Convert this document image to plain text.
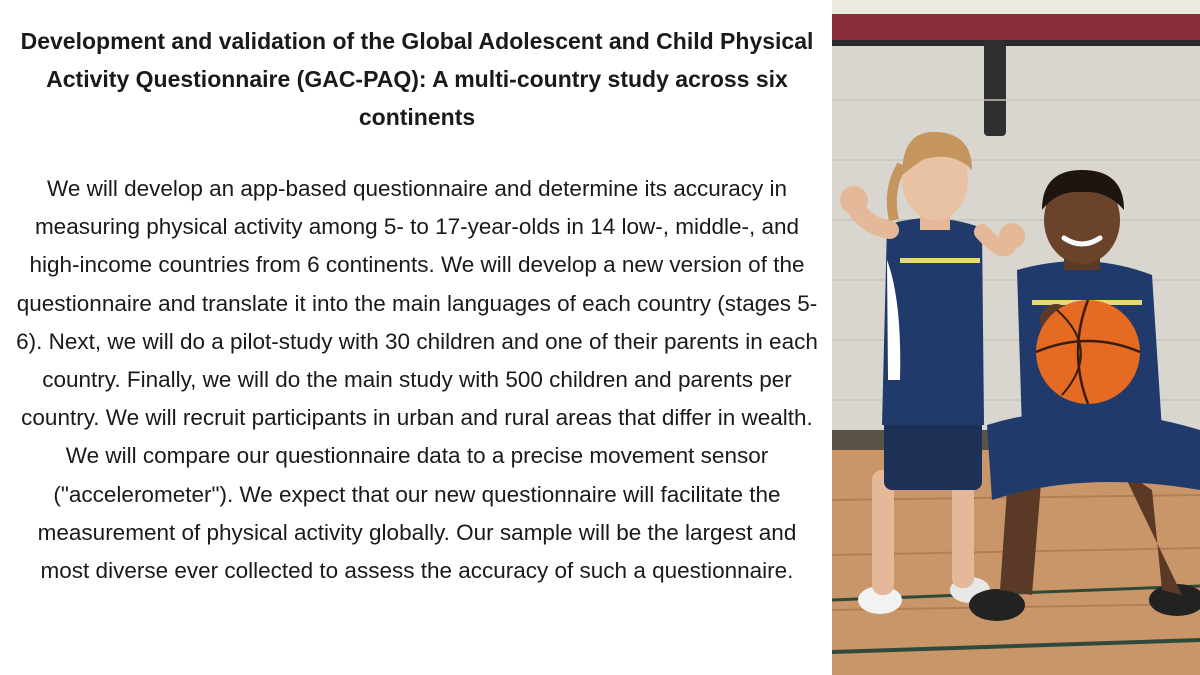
Development and validation of the Global Adolescent and Child Physical Activity Questionnaire (GAC-PAQ): A multi-country study across six continents

We will develop an app-based questionnaire and determine its accuracy in measuring physical activity among 5- to 17-year-olds in 14 low-, middle-, and high-income countries from 6 continents. We will develop a new version of the questionnaire and translate it into the main languages of each country (stages 5-6). Next, we will do a pilot-study with 30 children and one of their parents in each country. Finally, we will do the main study with 500 children and parents per country. We will recruit participants in urban and rural areas that differ in wealth. We will compare our questionnaire data to a precise movement sensor ("accelerometer"). We expect that our new questionnaire will facilitate the measurement of physical activity globally. Our sample will be the largest and most diverse ever collected to assess the accuracy of such a questionnaire.
